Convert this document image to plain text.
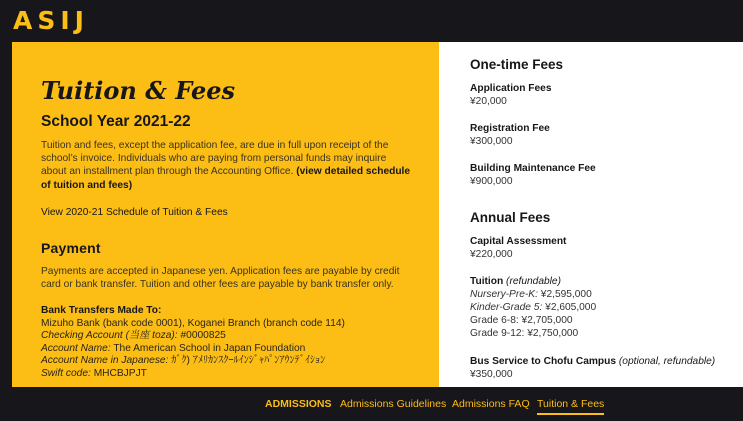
ASIJ
Tuition & Fees
School Year 2021-22

Tuition and fees, except the application fee, are due in full upon receipt of the school’s invoice. Individuals who are paying from personal funds may inquire about an installment plan through the Accounting Office. (view detailed schedule of tuition and fees)

View 2020-21 Schedule of Tuition & Fees
Payment

Payments are accepted in Japanese yen. Application fees are payable by credit card or bank transfer. Tuition and other fees are payable by bank transfer only.

Bank Transfers Made To:
Mizuho Bank (bank code 0001), Koganei Branch (branch code 114)
Checking Account (当座 toza): #0000825
Account Name: The American School in Japan Foundation
Account Name in Japanese: ｶﾞｸ) ｱﾒﾘｶﾝｽｸｰﾙｲﾝｼﾞｬﾊﾟﾝｱｳﾝﾃﾞｲｼｮﾝ
Swift code: MHCBJPJT
One-time Fees
Application Fees
¥20,000
Registration Fee
¥300,000
Building Maintenance Fee
¥900,000
Annual Fees
Capital Assessment
¥220,000
Tuition (refundable)
Nursery-Pre-K: ¥2,595,000
Kinder-Grade 5: ¥2,605,000
Grade 6-8: ¥2,705,000
Grade 9-12: ¥2,750,000
Bus Service to Chofu Campus (optional, refundable)
¥350,000
ADMISSIONS Admissions Guidelines Admissions FAQ Tuition & Fees
